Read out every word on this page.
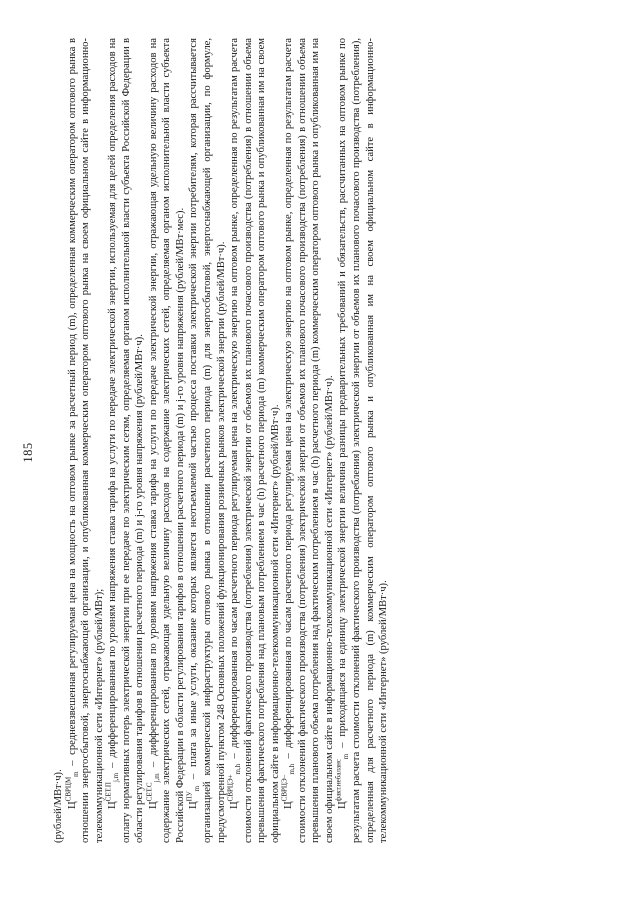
185

(рублей/МВт·ч). $Ц^{СВРЦМ}_m$ – средневзвешенная регулируемая цена на мощность на оптовом рынке за расчетный период (m), определенная коммерческим оператором оптового рынка в отношении энергосбытовой, энергоснабжающей организации, и опубликованная коммерческим оператором оптового рынка на своем официальном сайте в информационно-телекоммуникационной сети «Интернет» (рублей/МВт); $Ц^{СЕТ.П}_{j,m}$ – дифференцированная по уровням напряжения ставка тарифа на услуги по передаче электрической энергии, используемая для целей определения расходов на оплату нормативных потерь электрической энергии при ее передаче по электрическим сетям, определяемая органом исполнительной власти субъекта Российской Федерации в области регулирования тарифов в отношении расчетного периода (m) и j-го уровня напряжения (рублей/МВт·ч). $Ц^{СЕТ.С}_{j,m}$ – дифференцированная по уровням напряжения ставка тарифа на услуги по передаче электрической энергии, отражающая удельную величину расходов на содержание электрических сетей, отражающая удельную величину расходов на содержание электрических сетей, определяемая органом исполнительной власти субъекта Российской Федерации в области регулирования тарифов в отношении расчетного периода (m) и j-го уровня напряжения (рублей/МВт·мес). $Ц^{ПУ}_m$ – плата за иные услуги, оказание которых является неотъемлемой частью процесса поставки электрической энергии потребителям, которая рассчитывается организацией коммерческой инфраструктуры оптового рынка в отношении расчетного периода (m) для энергосбытовой, энергоснабжающей организации, по формуле, предусмотренной пунктом 248 Основных положений функционирования розничных рынков электрической энергии (рублей/МВт·ч). $Ц^{СВРЦЭ+}_{m,h}$ – дифференцированная по часам расчетного периода регулируемая цена на электрическую энергию на оптовом рынке, определенная по результатам расчета стоимости отклонений фактического производства (потребления) электрической энергии от объемов их планового почасового производства (потребления) в отношении объема превышения фактического потребления над плановым потреблением в час (h) расчетного периода (m) коммерческим оператором оптового рынка и опубликованная им на своем официальном сайте в информационно-телекоммуникационной сети «Интернет» (рублей/МВт·ч). $Ц^{СВРЦЭ-}_{m,h}$ – дифференцированная по часам расчетного периода регулируемая цена на электрическую энергию на оптовом рынке, определенная по результатам расчета стоимости отклонений фактического производства (потребления) электрической энергии от объемов их планового почасового производства (потребления) в отношении объема превышения планового объема потребления над фактическим потреблением в час (h) расчетного периода (m) коммерческим оператором оптового рынка и опубликованная им на своем официальном сайте в информационно-телекоммуникационной сети «Интернет» (рублей/МВт·ч). $Ц^{факт.небаланс}_m$ – приходящаяся на единицу электрической энергии величина разницы предварительных требований и обязательств, рассчитанных на оптовом рынке по результатам расчета стоимости отклонений фактического производства (потребления) электрической энергии от объемов их планового почасового производства (потребления), определенная для расчетного периода (m) коммерческим оператором оптового рынка и опубликованная им на своем официальном сайте в информационно-телекоммуникационной сети «Интернет» (рублей/МВт·ч).
